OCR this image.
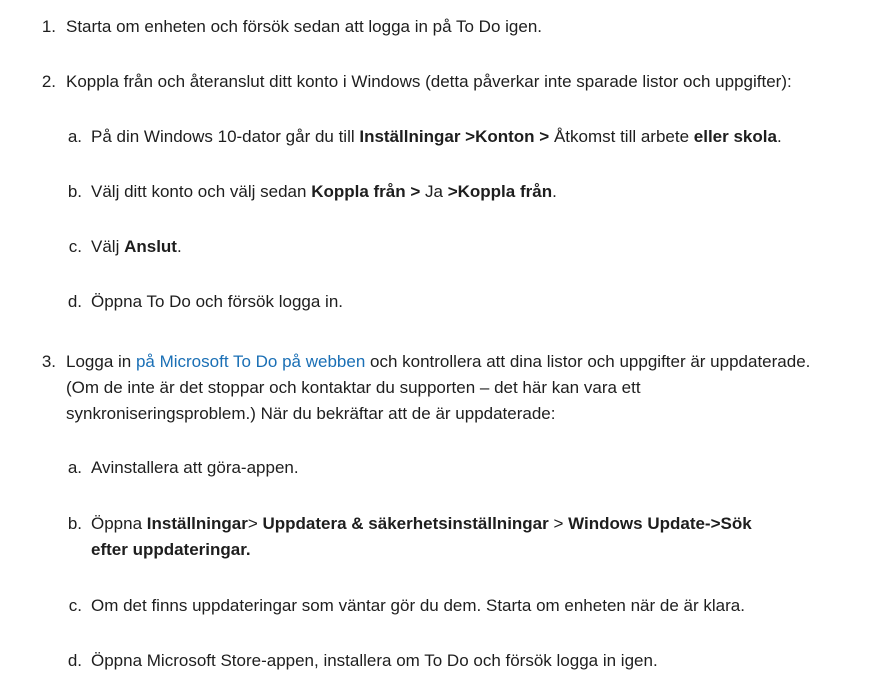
1. Starta om enheten och försök sedan att logga in på To Do igen.
2. Koppla från och återanslut ditt konto i Windows (detta påverkar inte sparade listor och uppgifter):
a. På din Windows 10-dator går du till Inställningar >Konton > Åtkomst till arbete eller skola.
b. Välj ditt konto och välj sedan Koppla från > Ja >Koppla från.
c. Välj Anslut.
d. Öppna To Do och försök logga in.
3. Logga in på Microsoft To Do på webben och kontrollera att dina listor och uppgifter är uppdaterade. (Om de inte är det stoppar och kontaktar du supporten – det här kan vara ett synkroniseringsproblem.) När du bekräftar att de är uppdaterade:
a. Avinstallera att göra-appen.
b. Öppna Inställningar> Uppdatera & säkerhetsinställningar > Windows Update->Sök efter uppdateringar.
c. Om det finns uppdateringar som väntar gör du dem. Starta om enheten när de är klara.
d. Öppna Microsoft Store-appen, installera om To Do och försök logga in igen.
